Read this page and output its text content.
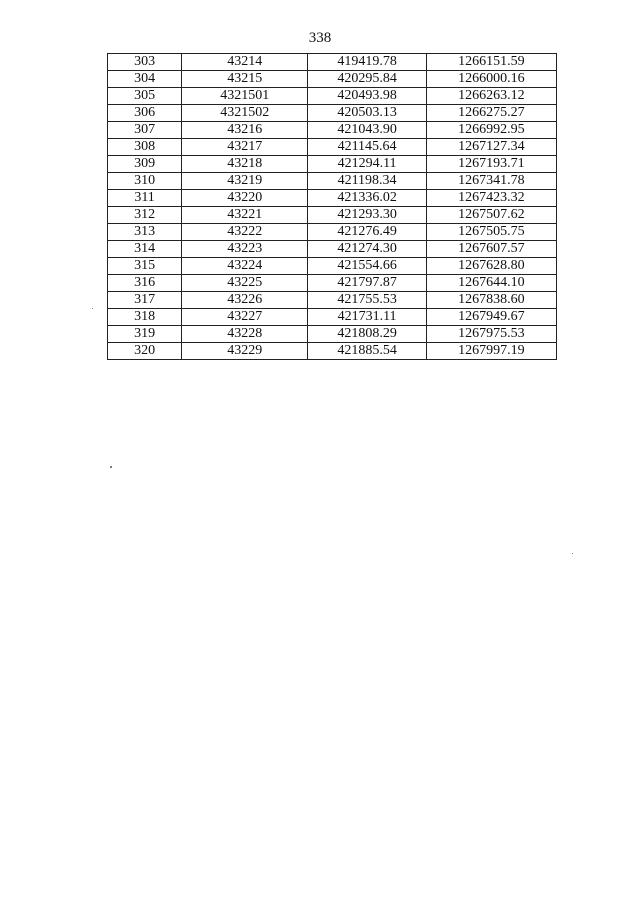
338
303	43214	419419.78	1266151.59
304	43215	420295.84	1266000.16
305	4321501	420493.98	1266263.12
306	4321502	420503.13	1266275.27
307	43216	421043.90	1266992.95
308	43217	421145.64	1267127.34
309	43218	421294.11	1267193.71
310	43219	421198.34	1267341.78
311	43220	421336.02	1267423.32
312	43221	421293.30	1267507.62
313	43222	421276.49	1267505.75
314	43223	421274.30	1267607.57
315	43224	421554.66	1267628.80
316	43225	421797.87	1267644.10
317	43226	421755.53	1267838.60
318	43227	421731.11	1267949.67
319	43228	421808.29	1267975.53
320	43229	421885.54	1267997.19
